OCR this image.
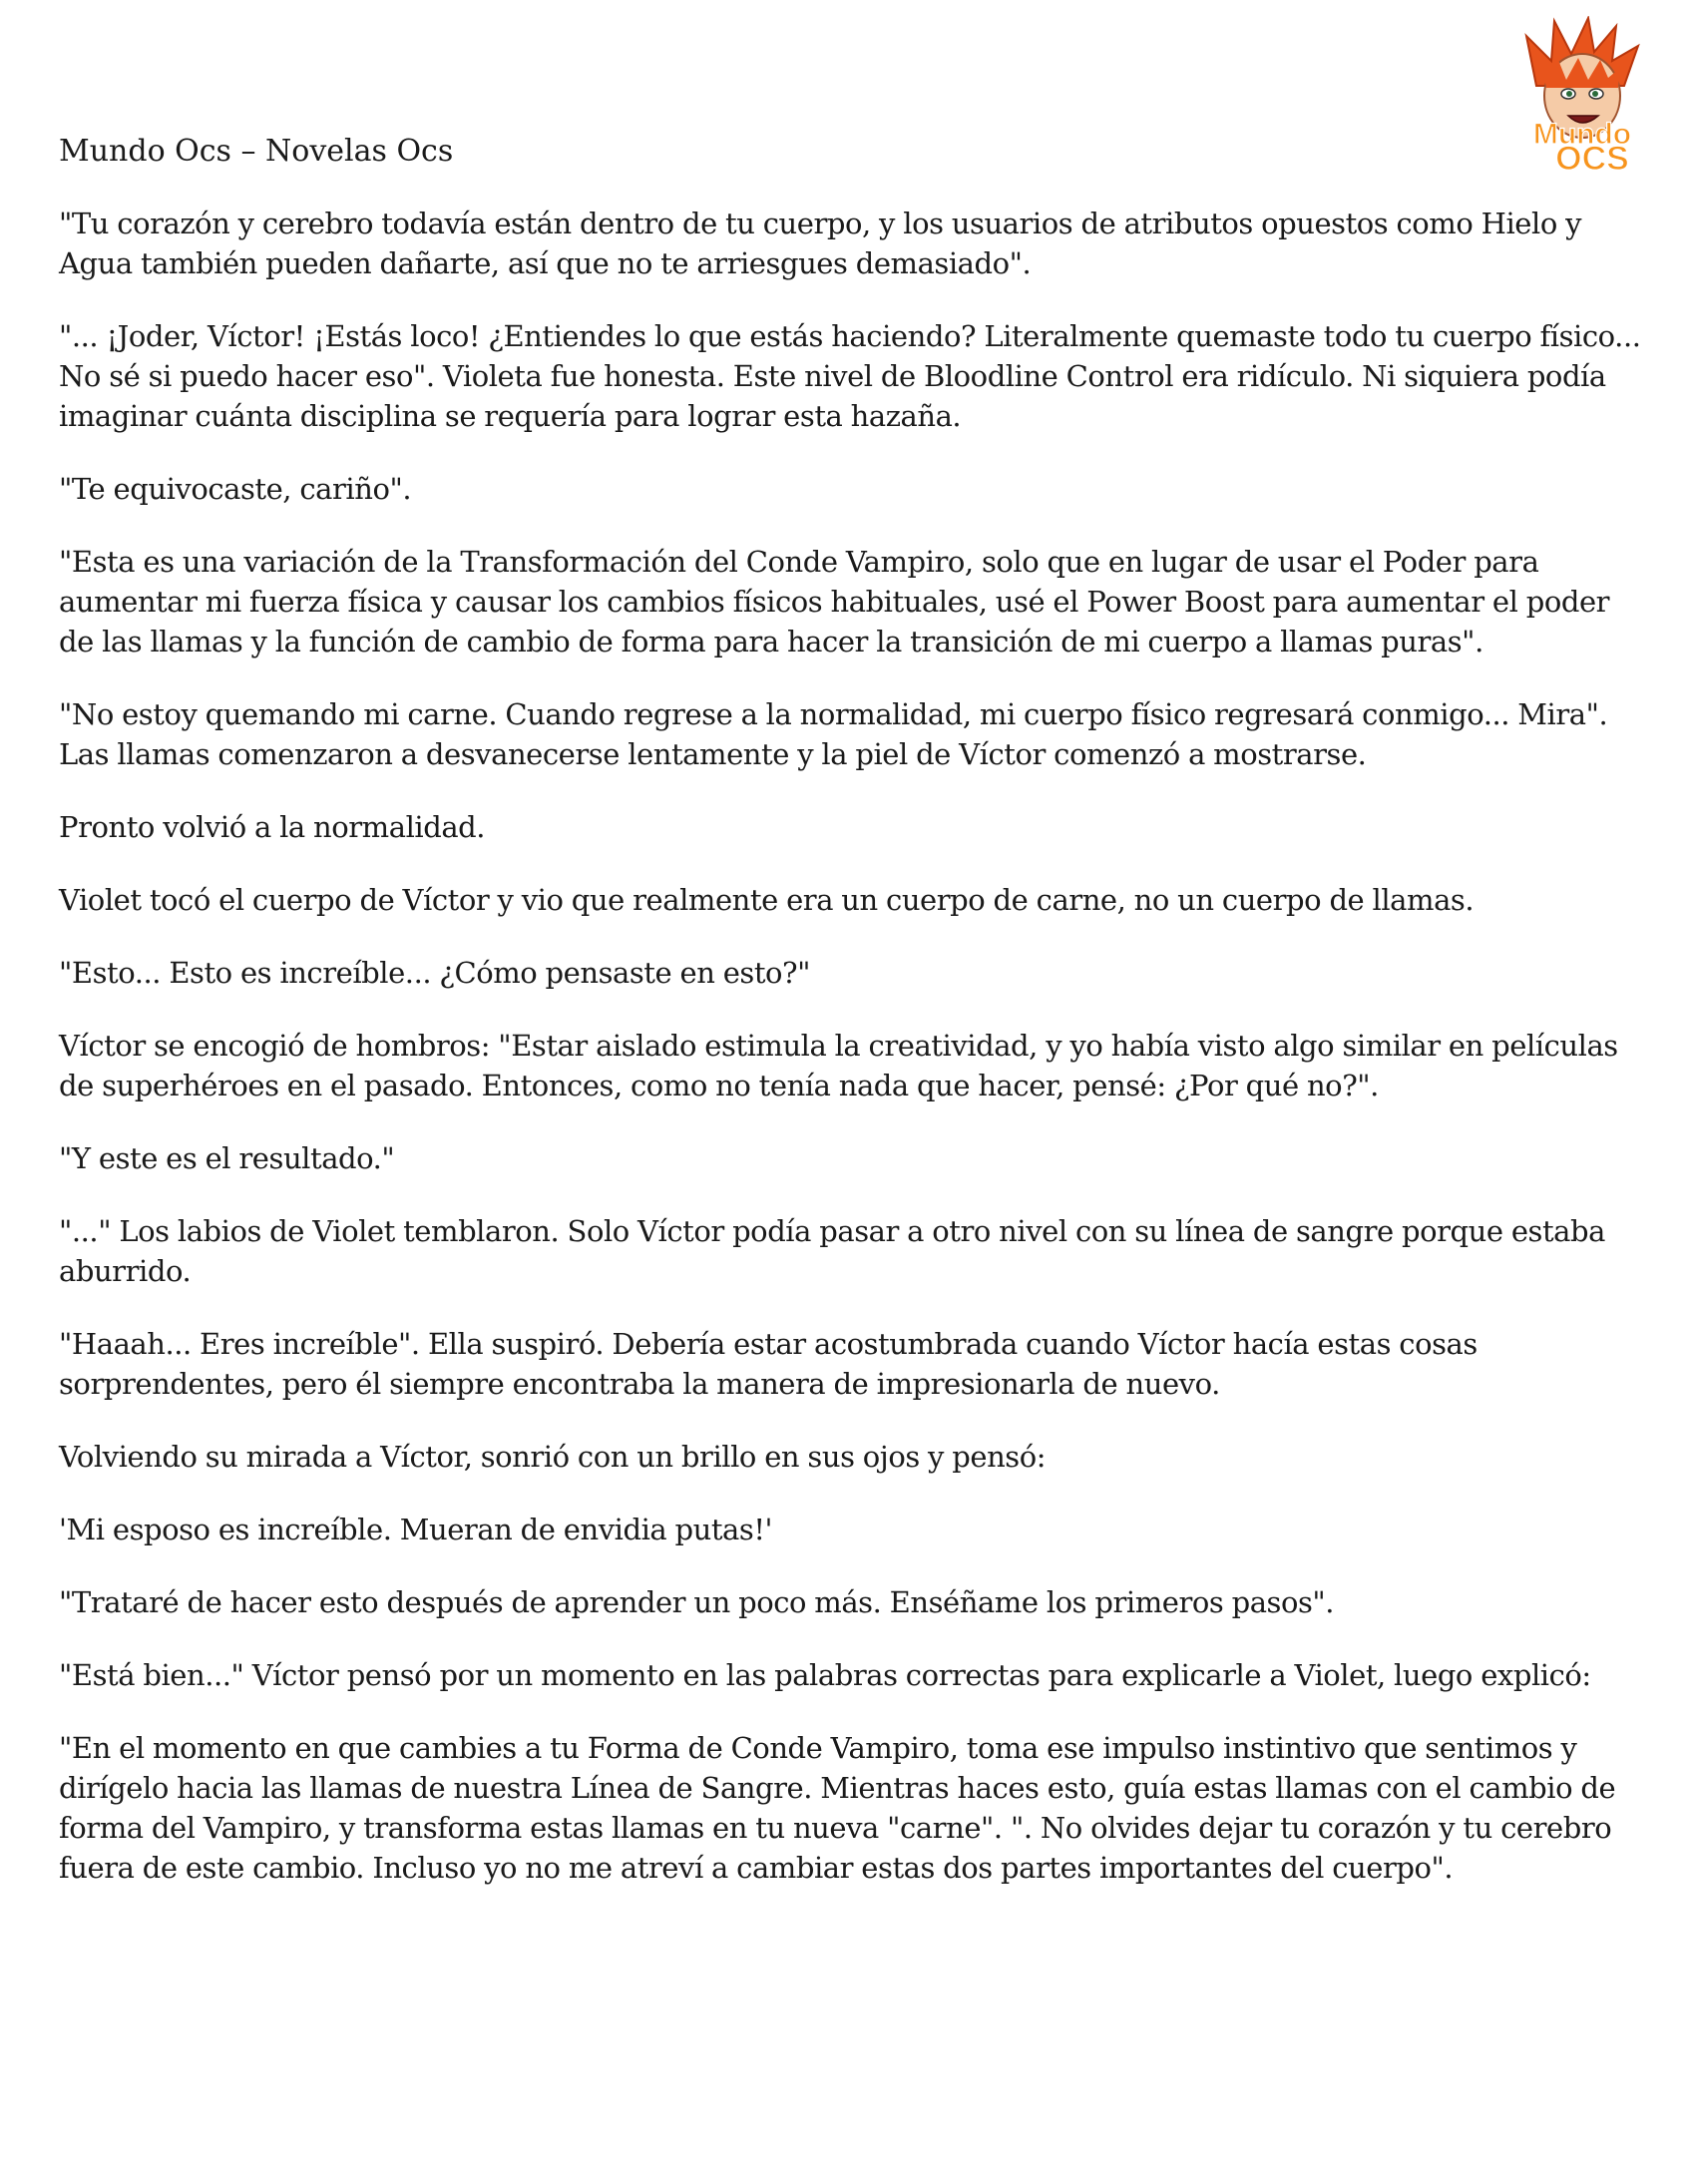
Mundo
OCS
Mundo Ocs – Novelas Ocs

"Tu corazón y cerebro todavía están dentro de tu cuerpo, y los usuarios de atributos opuestos como Hielo y Agua también pueden dañarte, así que no te arriesgues demasiado".

"... ¡Joder, Víctor! ¡Estás loco! ¿Entiendes lo que estás haciendo? Literalmente quemaste todo tu cuerpo físico... No sé si puedo hacer eso". Violeta fue honesta. Este nivel de Bloodline Control era ridículo. Ni siquiera podía imaginar cuánta disciplina se requería para lograr esta hazaña.

"Te equivocaste, cariño".

"Esta es una variación de la Transformación del Conde Vampiro, solo que en lugar de usar el Poder para aumentar mi fuerza física y causar los cambios físicos habituales, usé el Power Boost para aumentar el poder de las llamas y la función de cambio de forma para hacer la transición de mi cuerpo a llamas puras".

"No estoy quemando mi carne. Cuando regrese a la normalidad, mi cuerpo físico regresará conmigo... Mira". Las llamas comenzaron a desvanecerse lentamente y la piel de Víctor comenzó a mostrarse.

Pronto volvió a la normalidad.

Violet tocó el cuerpo de Víctor y vio que realmente era un cuerpo de carne, no un cuerpo de llamas.

"Esto... Esto es increíble... ¿Cómo pensaste en esto?"

Víctor se encogió de hombros: "Estar aislado estimula la creatividad, y yo había visto algo similar en películas de superhéroes en el pasado. Entonces, como no tenía nada que hacer, pensé: ¿Por qué no?".

"Y este es el resultado."

"..." Los labios de Violet temblaron. Solo Víctor podía pasar a otro nivel con su línea de sangre porque estaba aburrido.

"Haaah... Eres increíble". Ella suspiró. Debería estar acostumbrada cuando Víctor hacía estas cosas sorprendentes, pero él siempre encontraba la manera de impresionarla de nuevo.

Volviendo su mirada a Víctor, sonrió con un brillo en sus ojos y pensó:

'Mi esposo es increíble. Mueran de envidia putas!'

"Trataré de hacer esto después de aprender un poco más. Enséñame los primeros pasos".

"Está bien..." Víctor pensó por un momento en las palabras correctas para explicarle a Violet, luego explicó:

"En el momento en que cambies a tu Forma de Conde Vampiro, toma ese impulso instintivo que sentimos y dirígelo hacia las llamas de nuestra Línea de Sangre. Mientras haces esto, guía estas llamas con el cambio de forma del Vampiro, y transforma estas llamas en tu nueva "carne". ". No olvides dejar tu corazón y tu cerebro fuera de este cambio. Incluso yo no me atreví a cambiar estas dos partes importantes del cuerpo".
